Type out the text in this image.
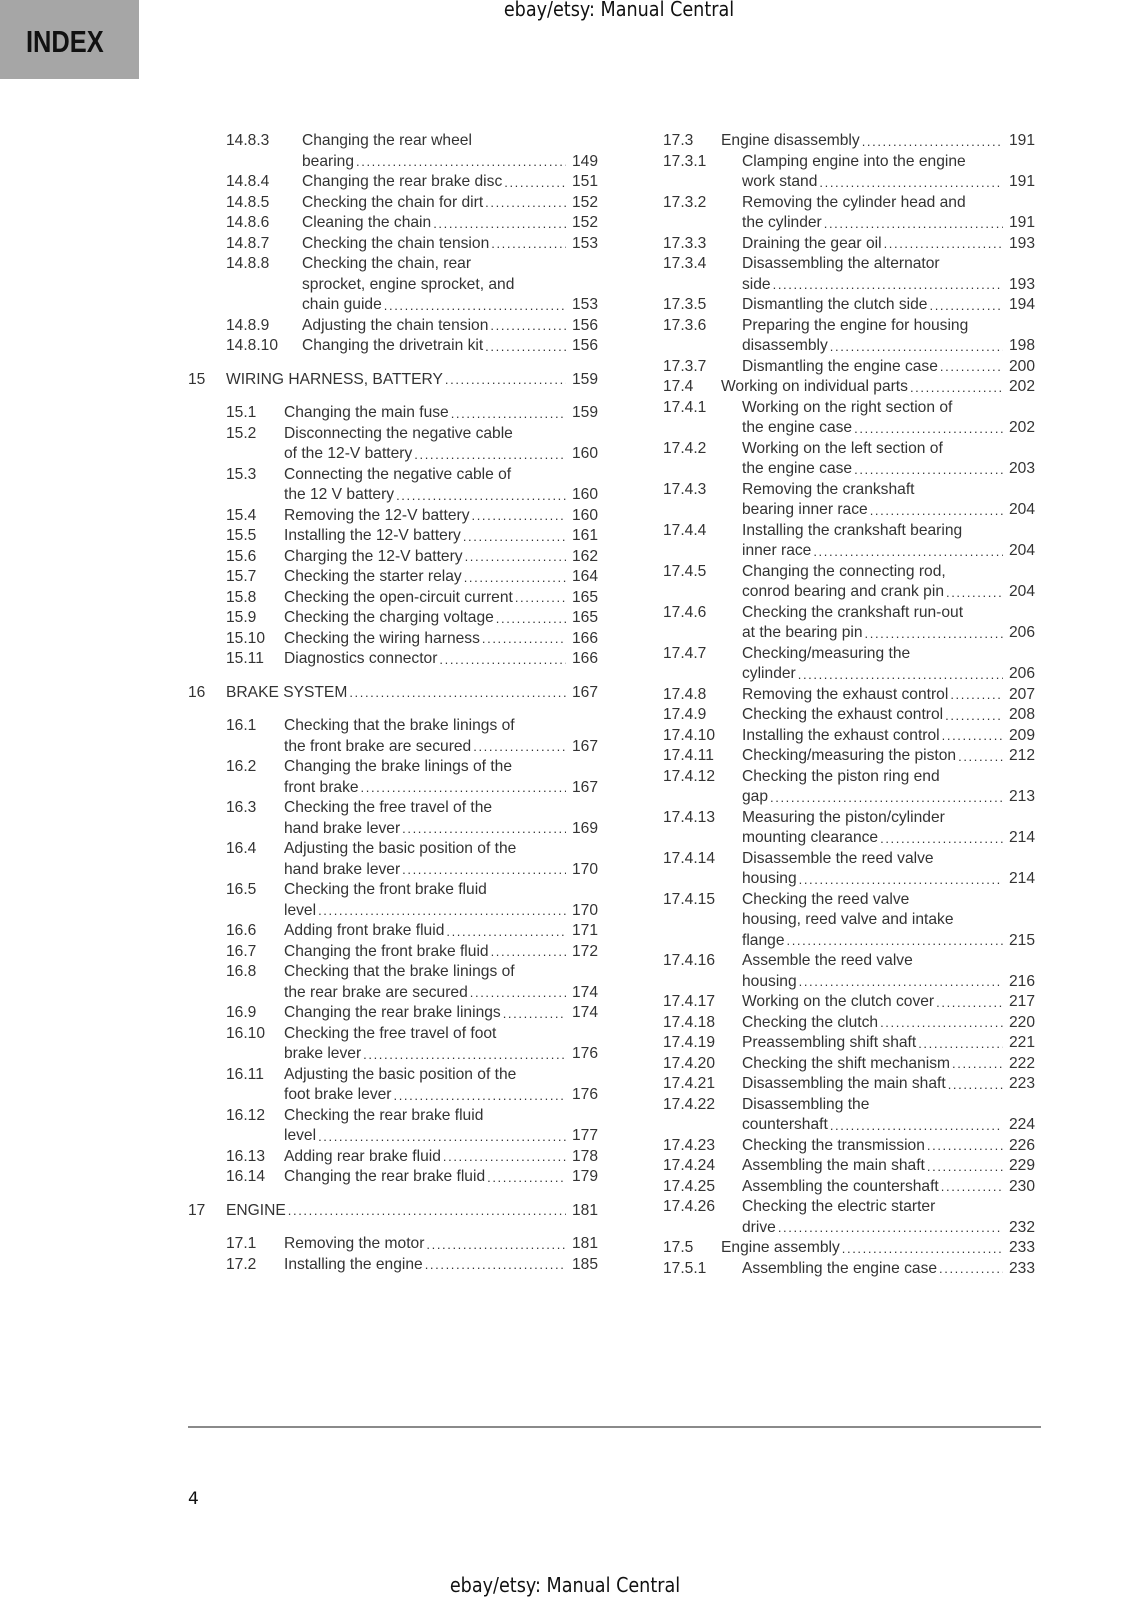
INDEX
ebay/etsy: Manual Central
14.8.3 Changing the rear wheel
bearing .....	149
14.8.4 Changing the rear brake disc .....	151
14.8.5 Checking the chain for dirt .....	152
14.8.6 Cleaning the chain .....	152
14.8.7 Checking the chain tension .....	153
14.8.8 Checking the chain, rear
sprocket, engine sprocket, and
chain guide .....	153
14.8.9 Adjusting the chain tension .....	156
14.8.10 Changing the drivetrain kit .....	156
15 WIRING HARNESS, BATTERY .....	159
15.1 Changing the main fuse .....	159
15.2 Disconnecting the negative cable
of the 12-V battery .....	160
15.3 Connecting the negative cable of
the 12 V battery .....	160
15.4 Removing the 12-V battery .....	160
15.5 Installing the 12-V battery .....	161
15.6 Charging the 12-V battery .....	162
15.7 Checking the starter relay .....	164
15.8 Checking the open-circuit current .....	165
15.9 Checking the charging voltage .....	165
15.10 Checking the wiring harness .....	166
15.11 Diagnostics connector .....	166
16 BRAKE SYSTEM .....	167
16.1 Checking that the brake linings of
the front brake are secured .....	167
16.2 Changing the brake linings of the
front brake .....	167
16.3 Checking the free travel of the
hand brake lever .....	169
16.4 Adjusting the basic position of the
hand brake lever .....	170
16.5 Checking the front brake fluid
level .....	170
16.6 Adding front brake fluid .....	171
16.7 Changing the front brake fluid .....	172
16.8 Checking that the brake linings of
the rear brake are secured .....	174
16.9 Changing the rear brake linings .....	174
16.10 Checking the free travel of foot
brake lever .....	176
16.11 Adjusting the basic position of the
foot brake lever .....	176
16.12 Checking the rear brake fluid
level .....	177
16.13 Adding rear brake fluid .....	178
16.14 Changing the rear brake fluid .....	179
17 ENGINE .....	181
17.1 Removing the motor .....	181
17.2 Installing the engine .....	185
17.3 Engine disassembly .....	191
17.3.1 Clamping engine into the engine
work stand .....	191
17.3.2 Removing the cylinder head and
the cylinder .....	191
17.3.3 Draining the gear oil .....	193
17.3.4 Disassembling the alternator
side .....	193
17.3.5 Dismantling the clutch side .....	194
17.3.6 Preparing the engine for housing
disassembly .....	198
17.3.7 Dismantling the engine case .....	200
17.4 Working on individual parts .....	202
17.4.1 Working on the right section of
the engine case .....	202
17.4.2 Working on the left section of
the engine case .....	203
17.4.3 Removing the crankshaft
bearing inner race .....	204
17.4.4 Installing the crankshaft bearing
inner race .....	204
17.4.5 Changing the connecting rod,
conrod bearing and crank pin .....	204
17.4.6 Checking the crankshaft run-out
at the bearing pin .....	206
17.4.7 Checking/measuring the
cylinder .....	206
17.4.8 Removing the exhaust control .....	207
17.4.9 Checking the exhaust control .....	208
17.4.10 Installing the exhaust control .....	209
17.4.11 Checking/measuring the piston .....	212
17.4.12 Checking the piston ring end
gap .....	213
17.4.13 Measuring the piston/cylinder
mounting clearance .....	214
17.4.14 Disassemble the reed valve
housing .....	214
17.4.15 Checking the reed valve
housing, reed valve and intake
flange .....	215
17.4.16 Assemble the reed valve
housing .....	216
17.4.17 Working on the clutch cover .....	217
17.4.18 Checking the clutch .....	220
17.4.19 Preassembling shift shaft .....	221
17.4.20 Checking the shift mechanism .....	222
17.4.21 Disassembling the main shaft .....	223
17.4.22 Disassembling the
countershaft .....	224
17.4.23 Checking the transmission .....	226
17.4.24 Assembling the main shaft .....	229
17.4.25 Assembling the countershaft .....	230
17.4.26 Checking the electric starter
drive .....	232
17.5 Engine assembly .....	233
17.5.1 Assembling the engine case .....	233
4
ebay/etsy: Manual Central
